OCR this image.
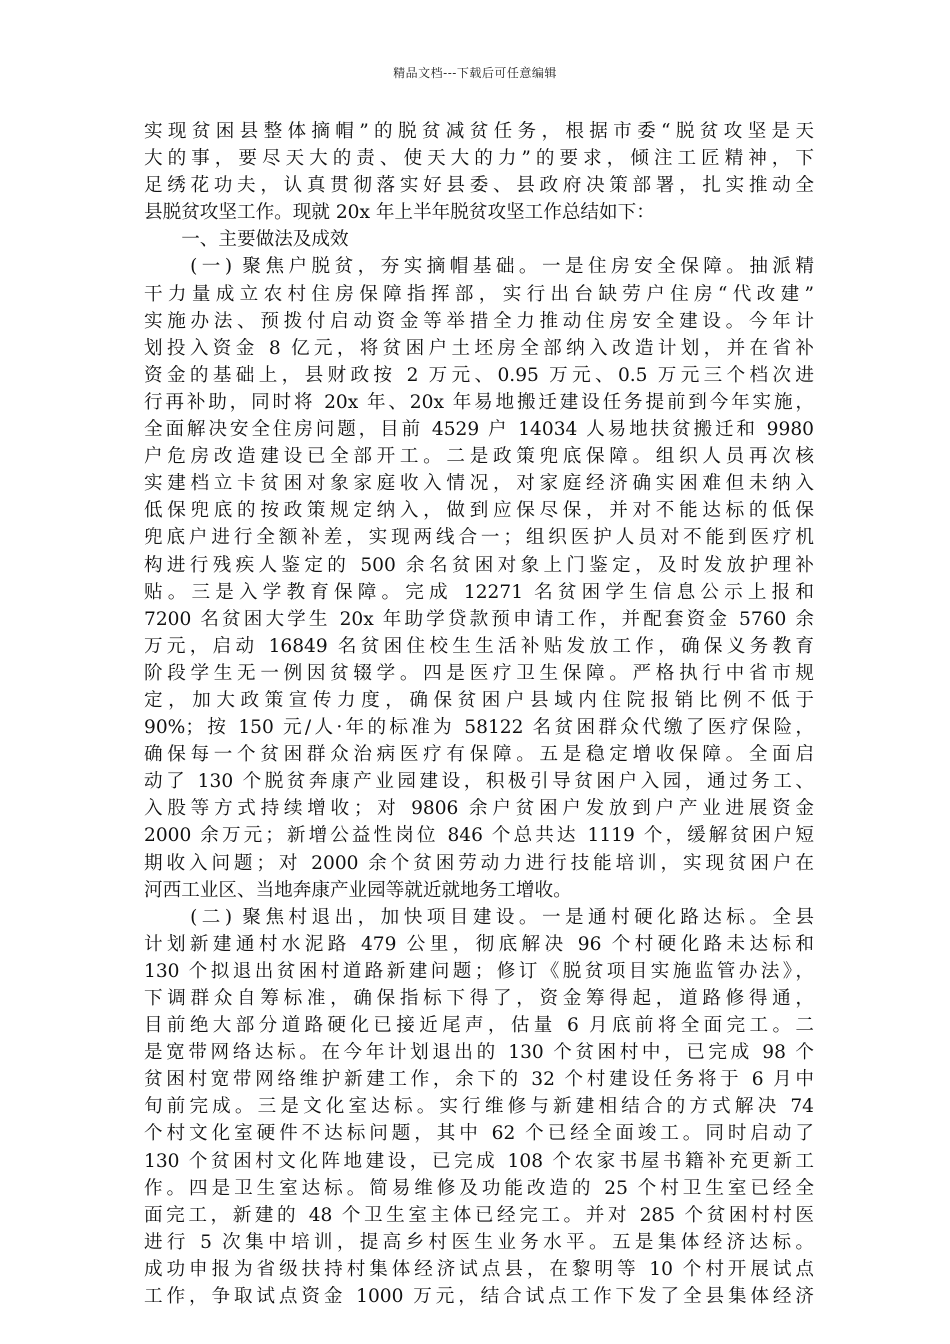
精品文档---下载后可任意编辑
实现贫困县整体摘帽”的脱贫减贫任务，根据市委“脱贫攻坚是天
大的事，要尽天大的责、使天大的力”的要求，倾注工匠精神，下
足绣花功夫，认真贯彻落实好县委、县政府决策部署，扎实推动全
县脱贫攻坚工作。现就 20x 年上半年脱贫攻坚工作总结如下：
　　一、主要做法及成效
　　(一) 聚焦户脱贫，夯实摘帽基础。一是住房安全保障。抽派精
干力量成立农村住房保障指挥部，实行出台缺劳户住房“代改建”
实施办法、预拨付启动资金等举措全力推动住房安全建设。今年计
划投入资金 8 亿元，将贫困户土坯房全部纳入改造计划，并在省补
资金的基础上，县财政按 2 万元、0.95 万元、0.5 万元三个档次进
行再补助，同时将 20x 年、20x 年易地搬迁建设任务提前到今年实施，
全面解决安全住房问题，目前 4529 户 14034 人易地扶贫搬迁和 9980
户危房改造建设已全部开工。二是政策兜底保障。组织人员再次核
实建档立卡贫困对象家庭收入情况，对家庭经济确实困难但未纳入
低保兜底的按政策规定纳入，做到应保尽保，并对不能达标的低保
兜底户进行全额补差，实现两线合一；组织医护人员对不能到医疗机
构进行残疾人鉴定的 500 余名贫困对象上门鉴定，及时发放护理补
贴。三是入学教育保障。完成 12271 名贫困学生信息公示上报和
7200 名贫困大学生 20x 年助学贷款预申请工作，并配套资金 5760 余
万元，启动 16849 名贫困住校生生活补贴发放工作，确保义务教育
阶段学生无一例因贫辍学。四是医疗卫生保障。严格执行中省市规
定，加大政策宣传力度，确保贫困户县域内住院报销比例不低于
90%；按 150 元/人·年的标准为 58122 名贫困群众代缴了医疗保险，
确保每一个贫困群众治病医疗有保障。五是稳定增收保障。全面启
动了 130 个脱贫奔康产业园建设，积极引导贫困户入园，通过务工、
入股等方式持续增收；对 9806 余户贫困户发放到户产业进展资金
2000 余万元；新增公益性岗位 846 个总共达 1119 个，缓解贫困户短
期收入问题；对 2000 余个贫困劳动力进行技能培训，实现贫困户在
河西工业区、当地奔康产业园等就近就地务工增收。
　　(二) 聚焦村退出，加快项目建设。一是通村硬化路达标。全县
计划新建通村水泥路 479 公里，彻底解决 96 个村硬化路未达标和
130 个拟退出贫困村道路新建问题；修订《脱贫项目实施监管办法》，
下调群众自筹标准，确保指标下得了，资金筹得起，道路修得通，
目前绝大部分道路硬化已接近尾声，估量 6 月底前将全面完工。二
是宽带网络达标。在今年计划退出的 130 个贫困村中，已完成 98 个
贫困村宽带网络维护新建工作，余下的 32 个村建设任务将于 6 月中
旬前完成。三是文化室达标。实行维修与新建相结合的方式解决 74
个村文化室硬件不达标问题，其中 62 个已经全面竣工。同时启动了
130 个贫困村文化阵地建设，已完成 108 个农家书屋书籍补充更新工
作。四是卫生室达标。简易维修及功能改造的 25 个村卫生室已经全
面完工，新建的 48 个卫生室主体已经完工。并对 285 个贫困村村医
进行 5 次集中培训，提高乡村医生业务水平。五是集体经济达标。
成功申报为省级扶持村集体经济试点县，在黎明等 10 个村开展试点
工作，争取试点资金 1000 万元，结合试点工作下发了全县集体经济
